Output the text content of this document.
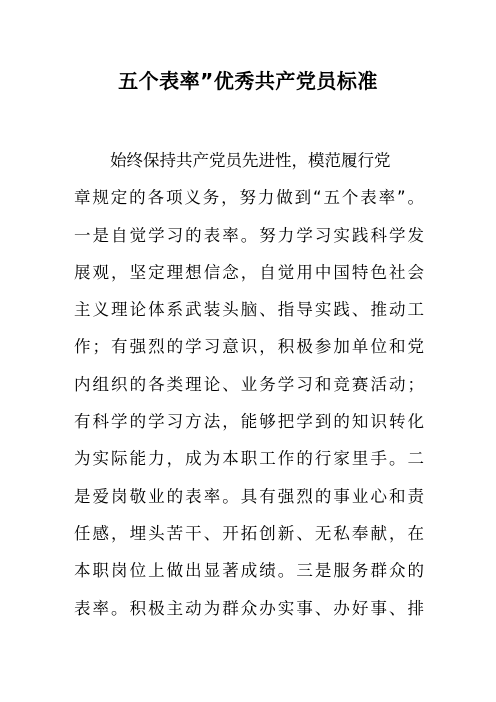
五个表率”优秀共产党员标准
始终保持共产党员先进性，模范履行党
章规定的各项义务，努力做到“五个表率”。
一是自觉学习的表率。努力学习实践科学发
展观，坚定理想信念，自觉用中国特色社会
主义理论体系武装头脑、指导实践、推动工
作；有强烈的学习意识，积极参加单位和党
内组织的各类理论、业务学习和竞赛活动；
有科学的学习方法，能够把学到的知识转化
为实际能力，成为本职工作的行家里手。二
是爱岗敬业的表率。具有强烈的事业心和责
任感，埋头苦干、开拓创新、无私奉献，在
本职岗位上做出显著成绩。三是服务群众的
表率。积极主动为群众办实事、办好事、排
